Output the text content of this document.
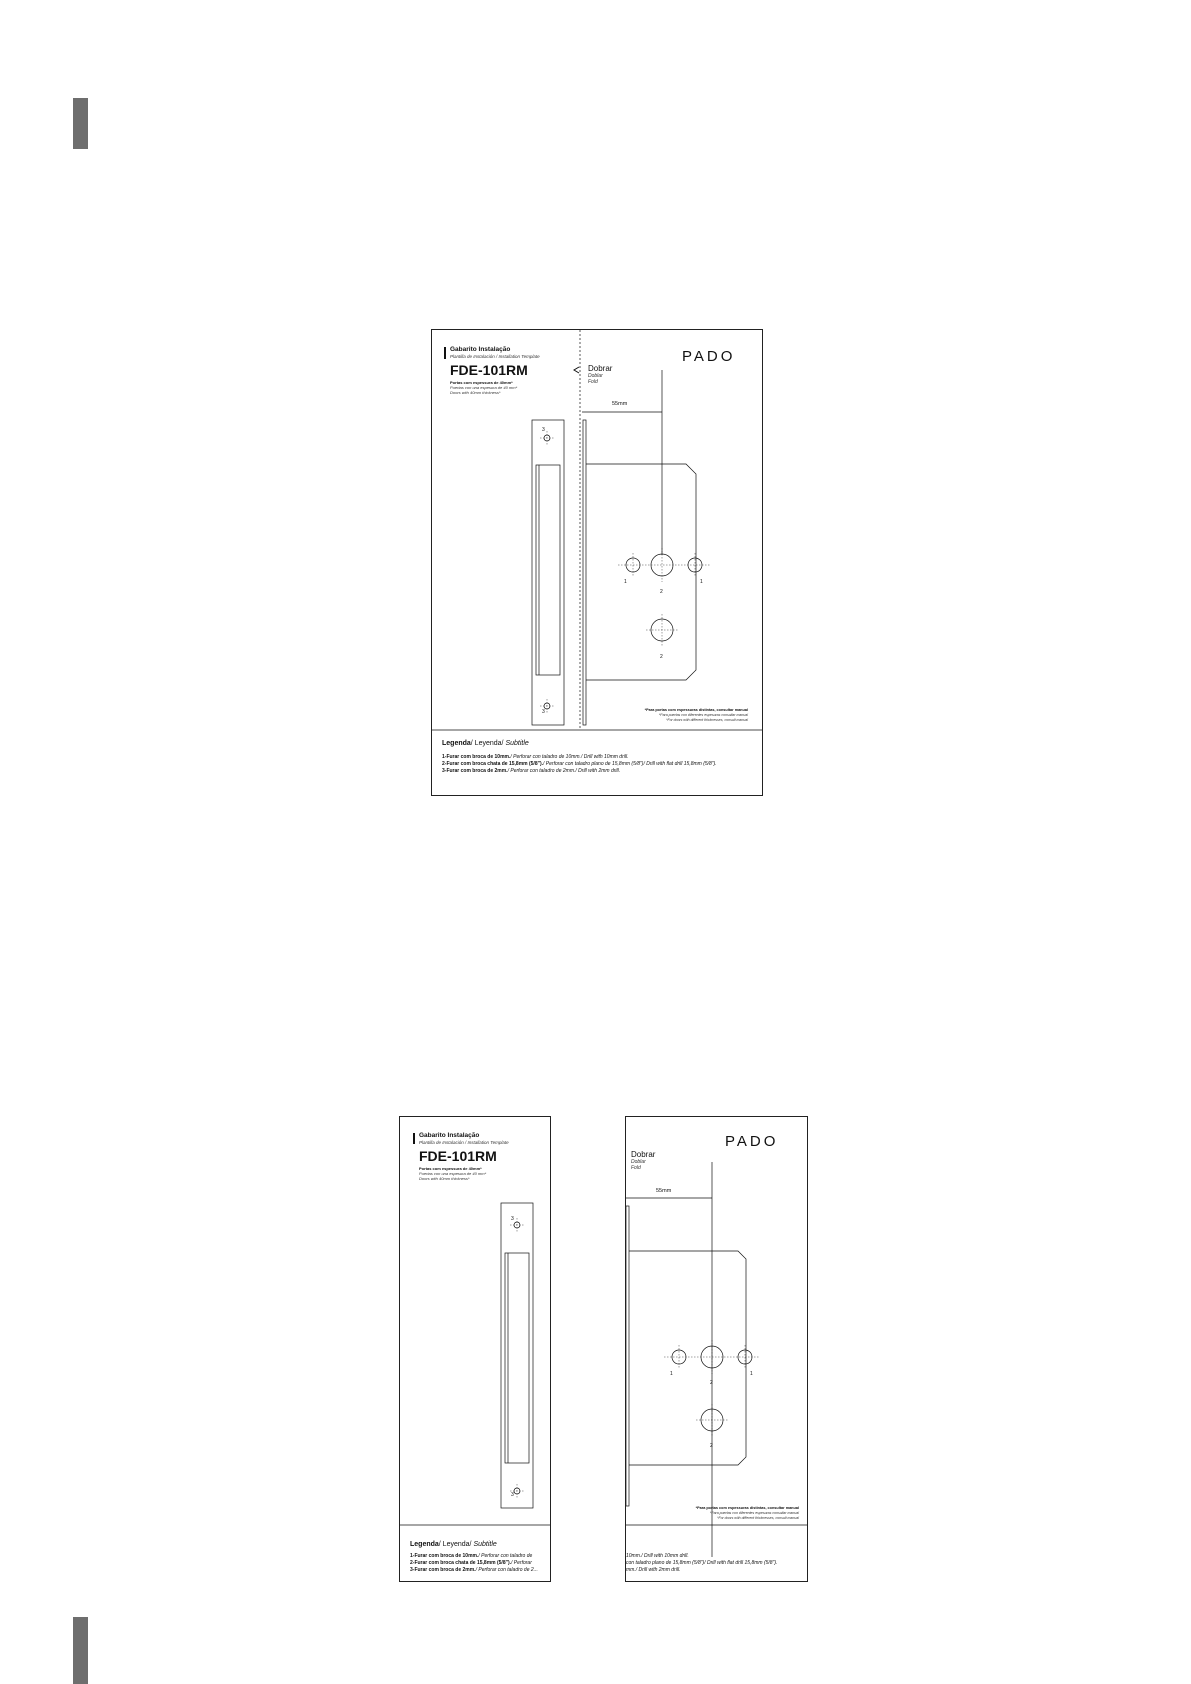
Gabarito Instalação
Plantilla de Instalación / Installation Template
FDE-101RM
Portas com espessura de 40mm*
Puertas con una espesura de 40 mm*
Doors with 40mm thickness*
PADO
Dobrar
Doblar
Fold
55mm
1
2
1
2
3
3	*Para portas com espessuras distintas, consultar manual
*Para puertas con diferentes espesuras consultar manual
*For doors with different thicknesses, consult manual
Legenda/ Leyenda/ Subtitle
1-Furar com broca de 10mm./ Perforar con taladro de 10mm./ Drill with 10mm drill.
2-Furar com broca chata de 15,8mm (5/8")./ Perforar con taladro plano de 15,8mm (5/8")/ Drill with flat drill 15,8mm (5/8").
3-Furar com broca de 2mm./ Perforar con taladro de 2mm./ Drill with 2mm drill.
Gabarito Instalação
Plantilla de Instalación / Installation Template
FDE-101RM
Portas com espessura de 40mm*
Puertas con una espesura de 40 mm*
Doors with 40mm thickness*
3
3
Legenda/ Leyenda/ Subtitle
1-Furar com broca de 10mm./ Perforar con taladro de
2-Furar com broca chata de 15,8mm (5/8")./ Perforar
3-Furar com broca de 2mm./ Perforar con taladro de 2...
PADO
Dobrar
Doblar
Fold
55mm
1
2
1
2
*Para portas com espessuras distintas, consultar manual
*Para puertas con diferentes espesuras consultar manual
*For doors with different thicknesses, consult manual
10mm./ Drill with 10mm drill.
con taladro plano de 15,8mm (5/8")/ Drill with flat drill 15,8mm (5/8").
mm./ Drill with 2mm drill.
